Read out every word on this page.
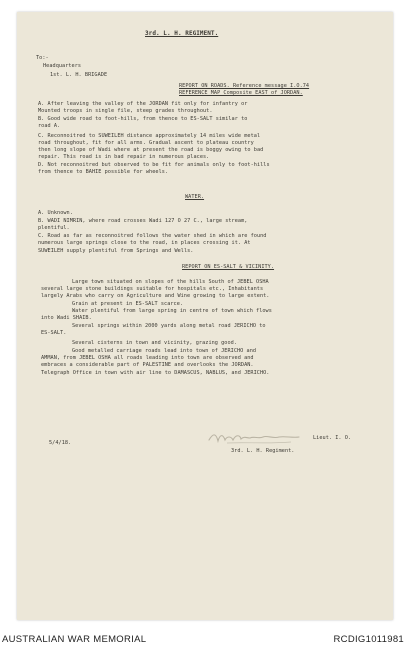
3rd. L. H. REGIMENT.
To:-
Headquarters
1st. L. H. BRIGADE
REPORT ON ROADS. Reference message I.O.74
REFERENCE MAP Composite EAST of JORDAN.
A. After leaving the valley of the JORDAN fit only for infantry or
Mounted troops in single file, steep grades throughout.
B. Good wide road to foot-hills, from thence to ES-SALT similar to
road A.
C. Reconnoitred to SUWEILEH distance approximately 14 miles wide metal
road throughout, fit for all arms. Gradual ascent to plateau country
then long slope of Wadi where at present the road is boggy owing to bad
repair. This road is in bad repair in numerous places.
D. Not reconnoitred but observed to be fit for animals only to foot-hills
from thence to BAHIE possible for wheels.
WATER.
A. Unknown.
B. WADI NIMRIN, where road crosses Wadi 127 O 27 C., large stream,
plentiful.
C. Road as far as reconnoitred follows the water shed in which are found
numerous large springs close to the road, in places crossing it. At
SUWEILEH supply plentiful from Springs and Wells.
REPORT ON ES-SALT & VICINITY.
Large town situated on slopes of the hills South of JEBEL OSHA
several large stone buildings suitable for hospitals etc., Inhabitants
largely Arabs who carry on Agriculture and Wine growing to large extent.
Grain at present in ES-SALT scarce.
Water plentiful from large spring in centre of town which flows
into Wadi SHAIB.
Several springs within 2000 yards along metal road JERICHO to
ES-SALT.
Several cisterns in town and vicinity, grazing good.
Good metalled carriage roads lead into town of JERICHO and
AMMAN, from JEBEL OSHA all roads leading into town are observed and
embraces a considerable part of PALESTINE and overlooks the JORDAN.
Telegraph Office in town with air line to DAMASCUS, NABLUS, and JERICHO.
5/4/18.
Lieut. I. O.
3rd. L. H. Regiment.
AUSTRALIAN WAR MEMORIAL	RCDIG1011981
